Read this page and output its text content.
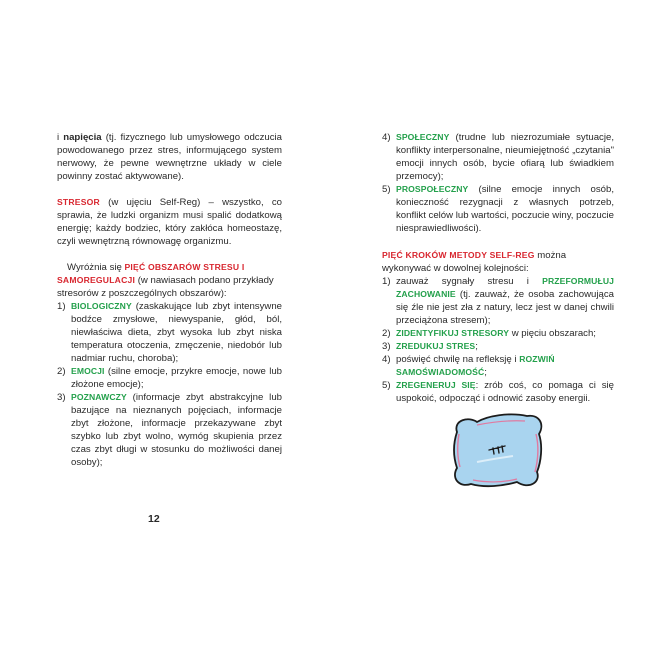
i napięcia (tj. fizycznego lub umysłowego odczucia powodowanego przez stres, informującego system nerwowy, że pewne wewnętrzne układy w ciele powinny zostać aktywowane).

STRESOR (w ujęciu Self-Reg) – wszystko, co sprawia, że ludzki organizm musi spalić dodatkową energię; każdy bodziec, który zakłóca homeostazę, czyli wewnętrzną równowagę organizmu.

Wyróżnia się PIĘĆ OBSZARÓW STRESU I SAMOREGULACJI (w nawiasach podano przykłady stresorów z poszczególnych obszarów):

1) BIOLOGICZNY (zaskakujące lub zbyt intensywne bodźce zmysłowe, niewyspanie, głód, ból, niewłaściwa dieta, zbyt wysoka lub zbyt niska temperatura otoczenia, zmęczenie, niedobór lub nadmiar ruchu, choroba);
2) EMOCJI (silne emocje, przykre emocje, nowe lub złożone emocje);
3) POZNAWCZY (informacje zbyt abstrakcyjne lub bazujące na nieznanych pojęciach, informacje zbyt złożone, informacje przekazywane zbyt szybko lub zbyt wolno, wymóg skupienia przez czas zbyt długi w stosunku do możliwości danej osoby);
12
4) SPOŁECZNY (trudne lub niezrozumiałe sytuacje, konflikty interpersonalne, nieumiejętność „czytania" emocji innych osób, bycie ofiarą lub świadkiem przemocy);
5) PROSPOŁECZNY (silne emocje innych osób, konieczność rezygnacji z własnych potrzeb, konflikt celów lub wartości, poczucie winy, poczucie niesprawiedliwości).

PIĘĆ KROKÓW METODY SELF-REG można wykonywać w dowolnej kolejności:

1) zauważ sygnały stresu i PRZEFORMUŁUJ ZACHOWANIE (tj. zauważ, że osoba zachowująca się źle nie jest zła z natury, lecz jest w danej chwili przeciążona stresem);
2) ZIDENTYFIKUJ STRESORY w pięciu obszarach;
3) ZREDUKUJ STRES;
4) poświęć chwilę na refleksję i ROZWIŃ SAMOŚWIADOMOŚĆ;
5) ZREGENERUJ SIĘ: zrób coś, co pomaga ci się uspokoić, odpocząć i odnowić zasoby energii.
